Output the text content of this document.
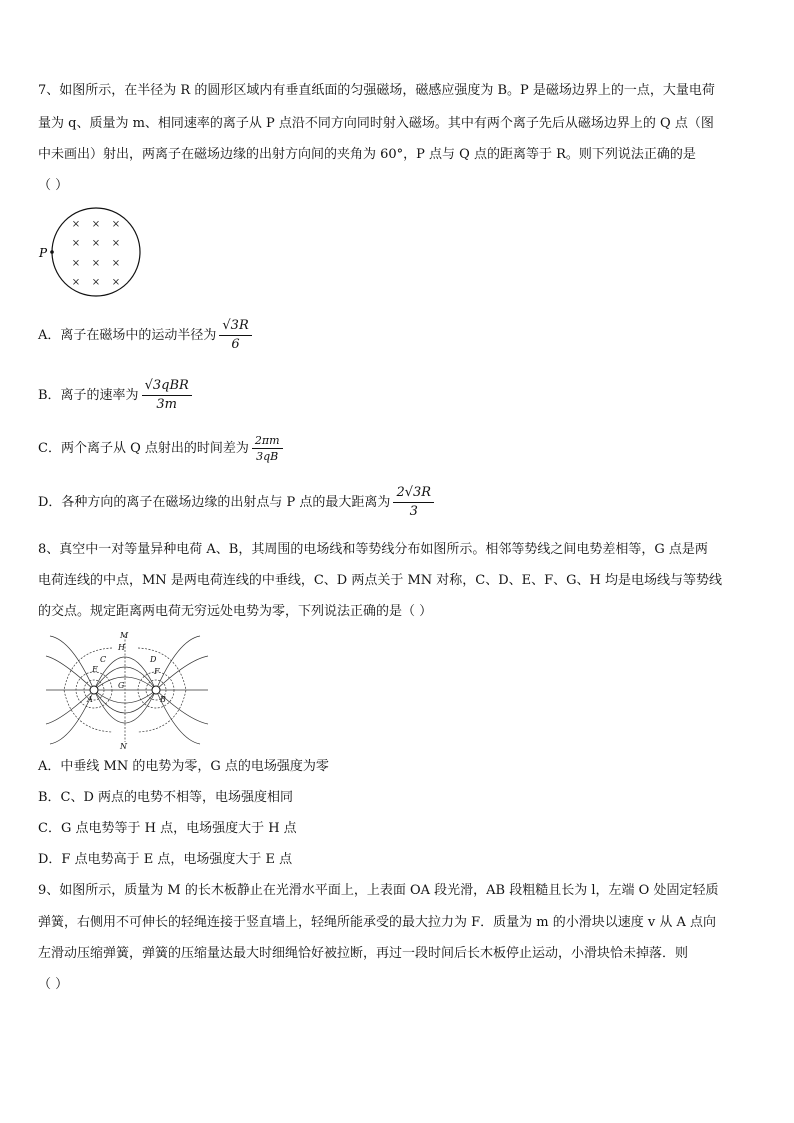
7、如图所示，在半径为 R 的圆形区域内有垂直纸面的匀强磁场，磁感应强度为 B。P 是磁场边界上的一点，大量电荷
量为 q、质量为 m、相同速率的离子从 P 点沿不同方向同时射入磁场。其中有两个离子先后从磁场边界上的 Q 点（图
中未画出）射出，两离子在磁场边缘的出射方向间的夹角为 60°，P 点与 Q 点的距离等于 R。则下列说法正确的是
（ ）
P
× × ×
× × ×
× × ×
× × ×
A．离子在磁场中的运动半径为 $\frac{√3R}{6}$
B．离子的速率为 $\frac{\text{√3qBR}}{3m}$
C．两个离子从 Q 点射出的时间差为 $\frac{2\pi m}{3qB}$
D．各种方向的离子在磁场边缘的出射点与 P 点的最大距离为 $\frac{2√3R}{3}$
8、真空中一对等量异种电荷 A、B，其周围的电场线和等势线分布如图所示。相邻等势线之间电势差相等，G 点是两
电荷连线的中点，MN 是两电荷连线的中垂线，C、D 两点关于 MN 对称，C、D、E、F、G、H 均是电场线与等势线
的交点。规定距离两电荷无穷远处电势为零，下列说法正确的是（ ）
M
N
H
G
C	D
E	F
A	B
A．中垂线 MN 的电势为零，G 点的电场强度为零
B．C、D 两点的电势不相等，电场强度相同
C．G 点电势等于 H 点，电场强度大于 H 点
D．F 点电势高于 E 点，电场强度大于 E 点
9、如图所示，质量为 M 的长木板静止在光滑水平面上，上表面 OA 段光滑，AB 段粗糙且长为 l，左端 O 处固定轻质
弹簧，右侧用不可伸长的轻绳连接于竖直墙上，轻绳所能承受的最大拉力为 F．质量为 m 的小滑块以速度 v 从 A 点向
左滑动压缩弹簧，弹簧的压缩量达最大时细绳恰好被拉断，再过一段时间后长木板停止运动，小滑块恰未掉落．则
（ ）
